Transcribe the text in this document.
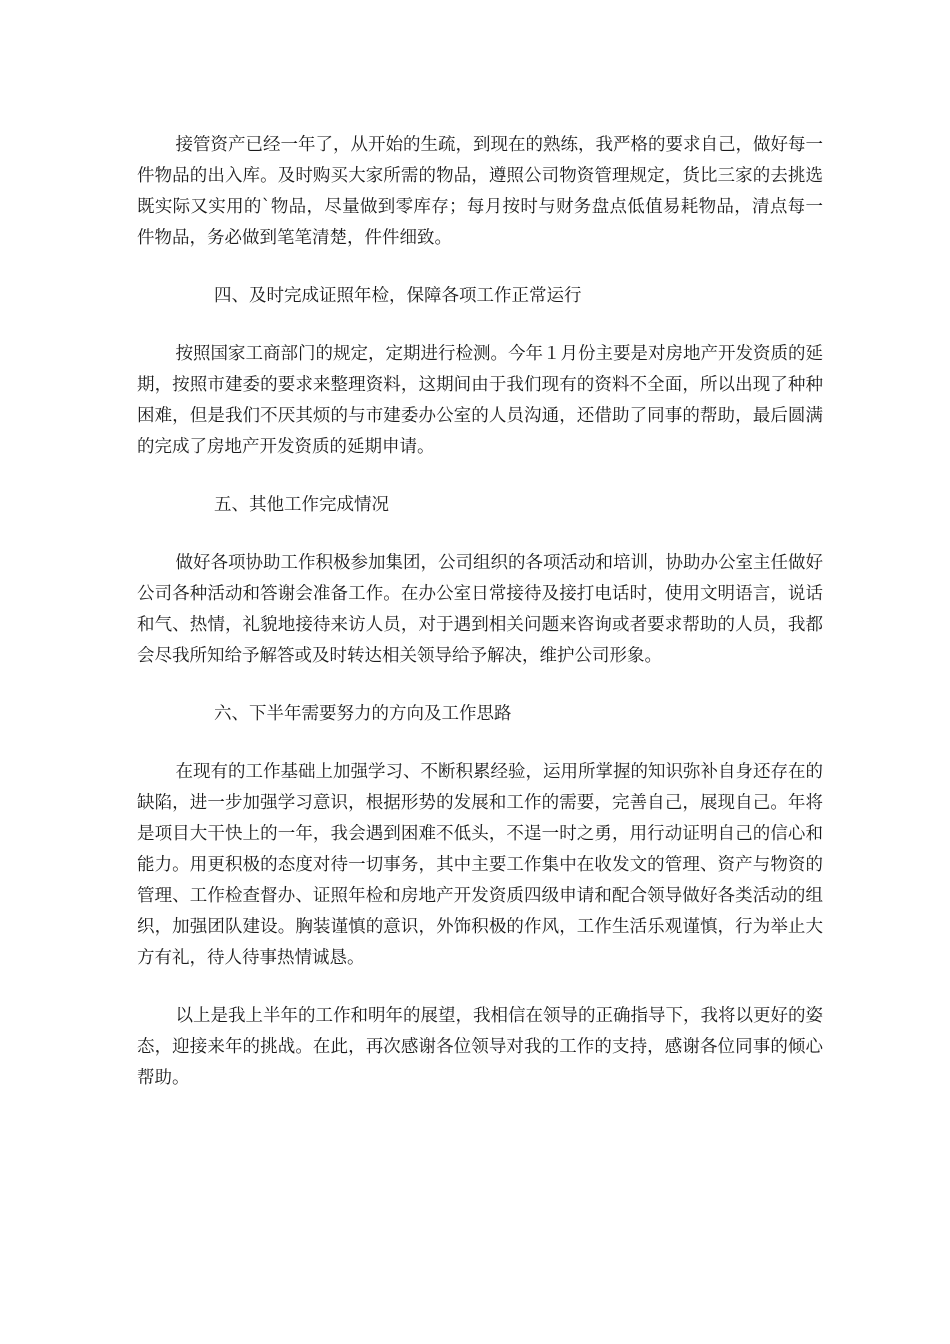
接管资产已经一年了，从开始的生疏，到现在的熟练，我严格的要求自己，做好每一件物品的出入库。及时购买大家所需的物品，遵照公司物资管理规定，货比三家的去挑选既实际又实用的`物品，尽量做到零库存；每月按时与财务盘点低值易耗物品，清点每一件物品，务必做到笔笔清楚，件件细致。

四、及时完成证照年检，保障各项工作正常运行

按照国家工商部门的规定，定期进行检测。今年１月份主要是对房地产开发资质的延期，按照市建委的要求来整理资料，这期间由于我们现有的资料不全面，所以出现了种种困难，但是我们不厌其烦的与市建委办公室的人员沟通，还借助了同事的帮助，最后圆满的完成了房地产开发资质的延期申请。

五、其他工作完成情况

做好各项协助工作积极参加集团，公司组织的各项活动和培训，协助办公室主任做好公司各种活动和答谢会准备工作。在办公室日常接待及接打电话时，使用文明语言，说话和气、热情，礼貌地接待来访人员，对于遇到相关问题来咨询或者要求帮助的人员，我都会尽我所知给予解答或及时转达相关领导给予解决，维护公司形象。

六、下半年需要努力的方向及工作思路

在现有的工作基础上加强学习、不断积累经验，运用所掌握的知识弥补自身还存在的缺陷，进一步加强学习意识，根据形势的发展和工作的需要，完善自己，展现自己。年将是项目大干快上的一年，我会遇到困难不低头，不逞一时之勇，用行动证明自己的信心和能力。用更积极的态度对待一切事务，其中主要工作集中在收发文的管理、资产与物资的管理、工作检查督办、证照年检和房地产开发资质四级申请和配合领导做好各类活动的组织，加强团队建设。胸装谨慎的意识，外饰积极的作风，工作生活乐观谨慎，行为举止大方有礼，待人待事热情诚恳。

以上是我上半年的工作和明年的展望，我相信在领导的正确指导下，我将以更好的姿态，迎接来年的挑战。在此，再次感谢各位领导对我的工作的支持，感谢各位同事的倾心帮助。
